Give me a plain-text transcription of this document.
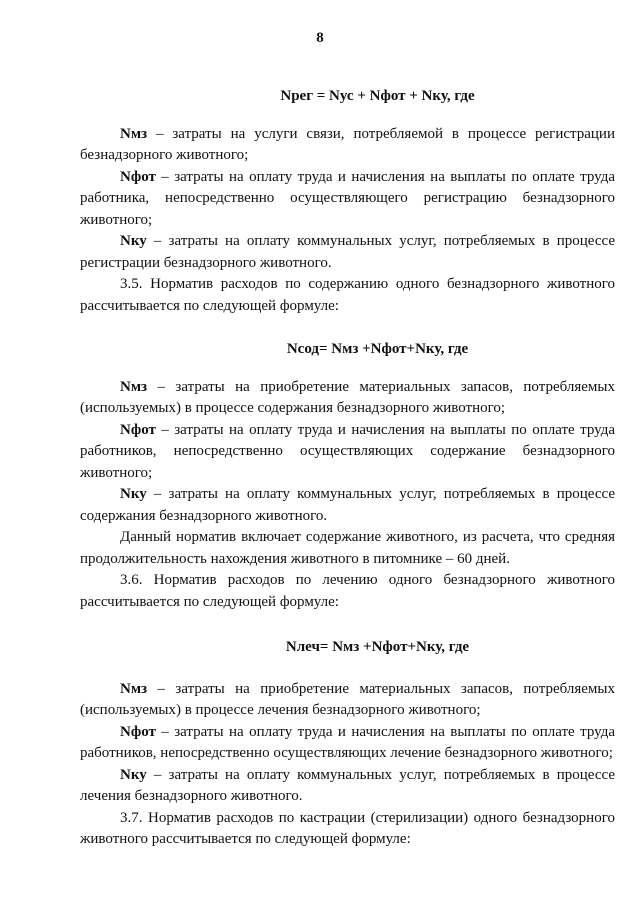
8
Nрег = Nус + Nфот + Nку, где

Nмз – затраты на услуги связи, потребляемой в процессе регистрации безнадзорного животного;

Nфот – затраты на оплату труда и начисления на выплаты по оплате труда работника, непосредственно осуществляющего регистрацию безнадзорного животного;

Nку – затраты на оплату коммунальных услуг, потребляемых в процессе регистрации безнадзорного животного.

3.5. Норматив расходов по содержанию одного безнадзорного животного рассчитывается по следующей формуле:

Nсод= Nмз +Nфот+Nку, где

Nмз – затраты на приобретение материальных запасов, потребляемых (используемых) в процессе содержания безнадзорного животного;

Nфот – затраты на оплату труда и начисления на выплаты по оплате труда работников, непосредственно осуществляющих содержание безнадзорного животного;

Nку – затраты на оплату коммунальных услуг, потребляемых в процессе содержания безнадзорного животного.

Данный норматив включает содержание животного, из расчета, что средняя продолжительность нахождения животного в питомнике – 60 дней.

3.6. Норматив расходов по лечению одного безнадзорного животного рассчитывается по следующей формуле:

Nлеч= Nмз +Nфот+Nку, где

Nмз – затраты на приобретение материальных запасов, потребляемых (используемых) в процессе лечения безнадзорного животного;

Nфот – затраты на оплату труда и начисления на выплаты по оплате труда работников, непосредственно осуществляющих лечение безнадзорного животного;

Nку – затраты на оплату коммунальных услуг, потребляемых в процессе лечения безнадзорного животного.

3.7. Норматив расходов по кастрации (стерилизации) одного безнадзорного животного рассчитывается по следующей формуле:
